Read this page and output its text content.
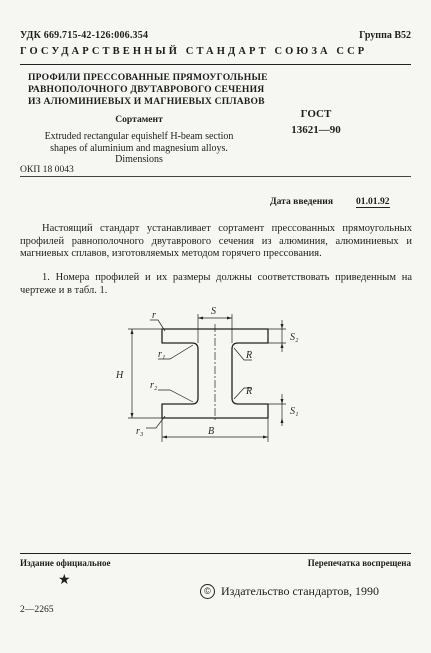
УДК 669.715-42-126:006.354	Группа В52
ГОСУДАРСТВЕННЫЙ СТАНДАРТ СОЮЗА ССР
ПРОФИЛИ ПРЕССОВАННЫЕ ПРЯМОУГОЛЬНЫЕ
РАВНОПОЛОЧНОГО ДВУТАВРОВОГО СЕЧЕНИЯ
ИЗ АЛЮМИНИЕВЫХ И МАГНИЕВЫХ СПЛАВОВ
Сортамент
Extruded rectangular equishelf H-beam section
shapes of aluminium and magnesium alloys.
Dimensions
ГОСТ
13621—90
ОКП 18 0043
Дата введения 01.01.92
Настоящий стандарт устанавливает сортамент прессованных прямоугольных профилей равнополочного двутаврового сечения из алюминия, алюминиевых и магниевых сплавов, изготовляемых методом горячего прессования.
1. Номера профилей и их размеры должны соответствовать приведенным на чертеже и в табл. 1.
r
r₁
r₂
r₃
S
R
R
H
B
S₂
S₁
Издание официальное	Перепечатка воспрещена
★
© Издательство стандартов, 1990
2—2265
